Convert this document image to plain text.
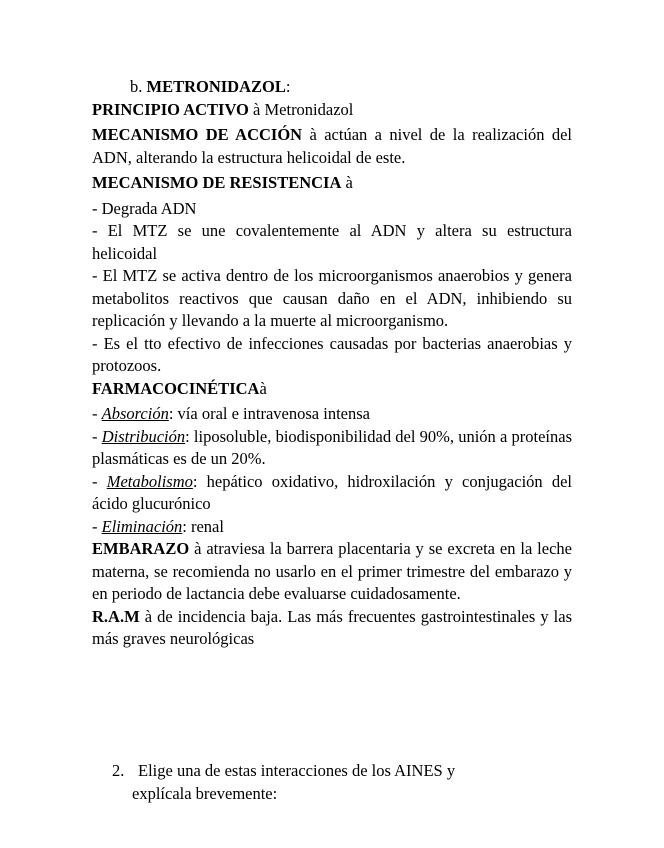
b. METRONIDAZOL:

PRINCIPIO ACTIVO à Metronidazol

MECANISMO DE ACCIÓN à actúan a nivel de la realización del ADN, alterando la estructura helicoidal de este.

MECANISMO DE RESISTENCIA à

- Degrada ADN

- El MTZ se une covalentemente al ADN y altera su estructura helicoidal

- El MTZ se activa dentro de los microorganismos anaerobios y genera metabolitos reactivos que causan daño en el ADN, inhibiendo su replicación y llevando a la muerte al microorganismo.

- Es el tto efectivo de infecciones causadas por bacterias anaerobias y protozoos.

FARMACOCINÉTICAà

- Absorción: vía oral e intravenosa intensa

- Distribución: liposoluble, biodisponibilidad del 90%, unión a proteínas plasmáticas es de un 20%.

- Metabolismo: hepático oxidativo, hidroxilación y conjugación del ácido glucurónico

- Eliminación: renal

EMBARAZO à atraviesa la barrera placentaria y se excreta en la leche materna, se recomienda no usarlo en el primer trimestre del embarazo y en periodo de lactancia debe evaluarse cuidadosamente.

R.A.M à de incidencia baja. Las más frecuentes gastrointestinales y las más graves neurológicas

2. Elige una de estas interacciones de los AINES y
explícala brevemente:
